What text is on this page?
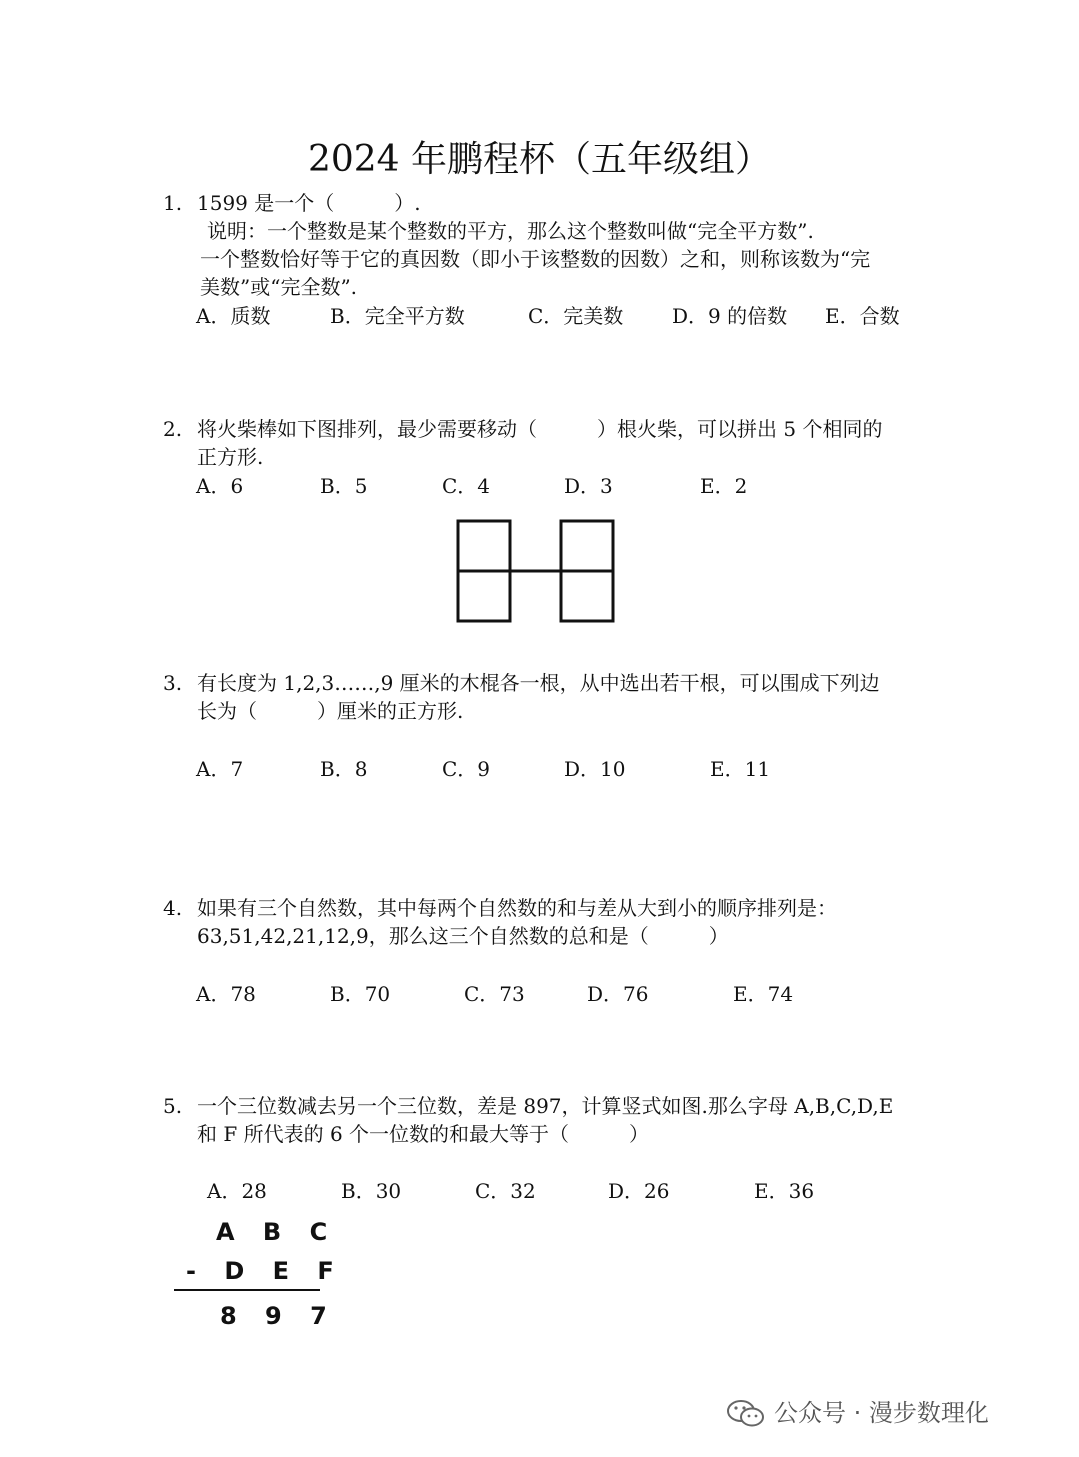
2024 年鹏程杯（五年级组）
1. 1599 是一个（　　　）.
说明：一个整数是某个整数的平方，那么这个整数叫做“完全平方数”.
一个整数恰好等于它的真因数（即小于该整数的因数）之和，则称该数为“完
美数”或“完全数”.
A．质数	B．完全平方数	C．完美数 D．9 的倍数 E．合数
2. 将火柴棒如下图排列，最少需要移动（　　　）根火柴，可以拼出 5 个相同的
正方形.
A．6	B．5	C．4	D．3	E．2
3. 有长度为 1,2,3……,9 厘米的木棍各一根，从中选出若干根，可以围成下列边
长为（　　　）厘米的正方形.
A．7	B．8	C．9	D．10	E．11
4. 如果有三个自然数，其中每两个自然数的和与差从大到小的顺序排列是：
63,51,42,21,12,9，那么这三个自然数的总和是（　　　）
A．78	B．70	C．73	D．76	E．74
5. 一个三位数减去另一个三位数，差是 897，计算竖式如图.那么字母 A,B,C,D,E
和 F 所代表的 6 个一位数的和最大等于（　　　）
A．28	B．30	C．32	D．26	E．36
A B C
- D E F
8 9 7
公众号 · 漫步数理化
